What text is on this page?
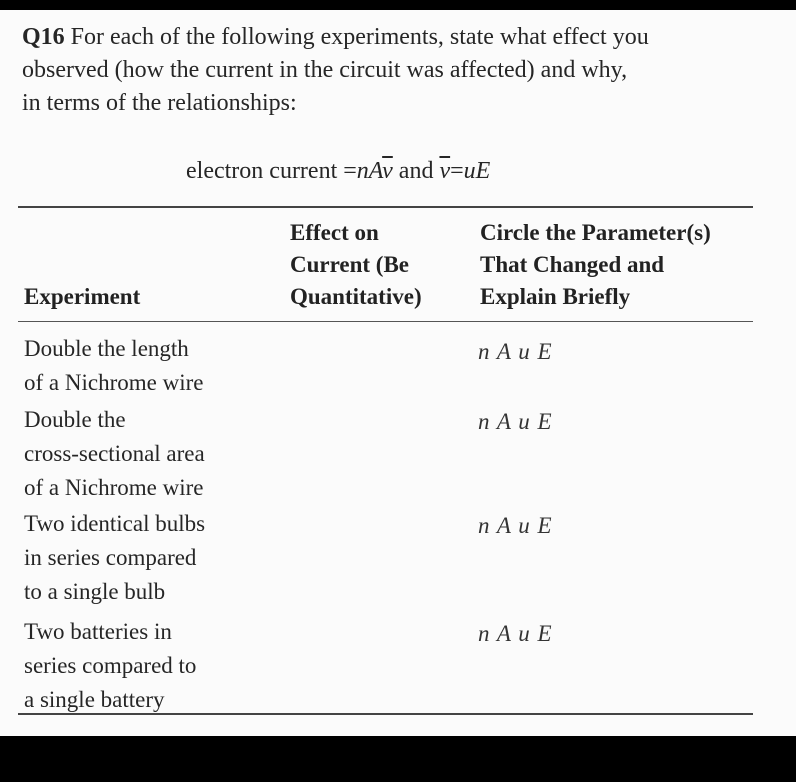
Q16 For each of the following experiments, state what effect you
observed (how the current in the circuit was affected) and why,
in terms of the relationships:
electron current $=nA\overline{v}$ and $\overline{v}=uE$
Effect on
Current (Be
Quantitative)
Circle the Parameter(s)
That Changed and
Explain Briefly
Experiment
Double the length
of a Nichrome wire
n A u E
Double the
cross-sectional area
of a Nichrome wire
n A u E
Two identical bulbs
in series compared
to a single bulb
n A u E
Two batteries in
series compared to
a single battery
n A u E
